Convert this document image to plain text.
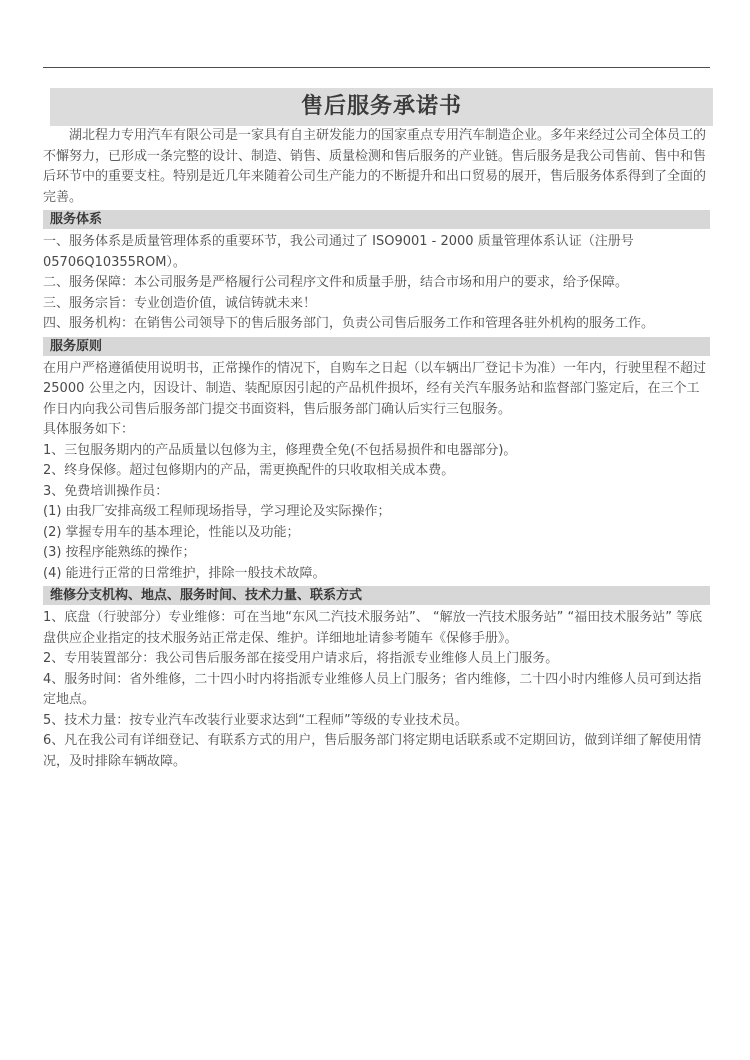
售后服务承诺书

湖北程力专用汽车有限公司是一家具有自主研发能力的国家重点专用汽车制造企业。多年来经过公司全体员工的不懈努力，已形成一条完整的设计、制造、销售、质量检测和售后服务的产业链。售后服务是我公司售前、售中和售后环节中的重要支柱。特别是近几年来随着公司生产能力的不断提升和出口贸易的展开，售后服务体系得到了全面的完善。

服务体系

一、服务体系是质量管理体系的重要环节，我公司通过了 ISO9001 - 2000 质量管理体系认证（注册号 05706Q10355ROM）。

二、服务保障：本公司服务是严格履行公司程序文件和质量手册，结合市场和用户的要求，给予保障。

三、服务宗旨：专业创造价值，诚信铸就未来！

四、服务机构：在销售公司领导下的售后服务部门，负责公司售后服务工作和管理各驻外机构的服务工作。

服务原则

在用户严格遵循使用说明书，正常操作的情况下，自购车之日起（以车辆出厂登记卡为准）一年内，行驶里程不超过 25000 公里之内，因设计、制造、装配原因引起的产品机件损坏，经有关汽车服务站和监督部门鉴定后，在三个工作日内向我公司售后服务部门提交书面资料，售后服务部门确认后实行三包服务。

具体服务如下：

1、三包服务期内的产品质量以包修为主，修理费全免(不包括易损件和电器部分)。

2、终身保修。超过包修期内的产品，需更换配件的只收取相关成本费。

3、免费培训操作员：

(1) 由我厂安排高级工程师现场指导，学习理论及实际操作；

(2) 掌握专用车的基本理论，性能以及功能；

(3) 按程序能熟练的操作；

(4) 能进行正常的日常维护，排除一般技术故障。

维修分支机构、地点、服务时间、技术力量、联系方式

1、底盘（行驶部分）专业维修：可在当地“东风二汽技术服务站”、 “解放一汽技术服务站” “福田技术服务站” 等底盘供应企业指定的技术服务站正常走保、维护。详细地址请参考随车《保修手册》。

2、专用装置部分：我公司售后服务部在接受用户请求后，将指派专业维修人员上门服务。

4、服务时间：省外维修，二十四小时内将指派专业维修人员上门服务；省内维修，二十四小时内维修人员可到达指定地点。

5、技术力量：按专业汽车改装行业要求达到“工程师”等级的专业技术员。

6、凡在我公司有详细登记、有联系方式的用户，售后服务部门将定期电话联系或不定期回访，做到详细了解使用情况，及时排除车辆故障。
